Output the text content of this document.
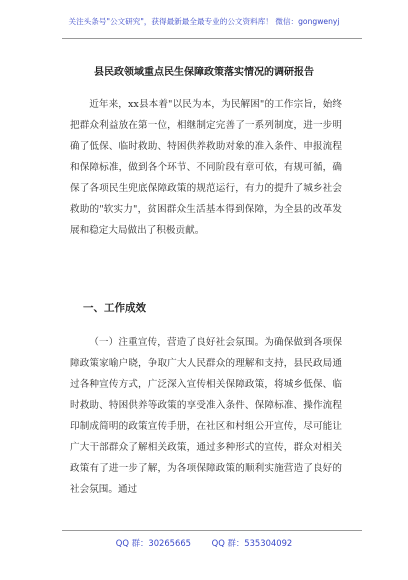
关注头条号"公文研究"，获得最新最全最专业的公文资料库！ 微信：gongwenyj
县民政领域重点民生保障政策落实情况的调研报告
近年来，xx县本着"以民为本，为民解困"的工作宗旨，始终把群众利益放在第一位，相继制定完善了一系列制度，进一步明确了低保、临时救助、特困供养救助对象的准入条件、申报流程和保障标准，做到各个环节、不同阶段有章可依，有规可循，确保了各项民生兜底保障政策的规范运行，有力的提升了城乡社会救助的"软实力"，贫困群众生活基本得到保障，为全县的改革发展和稳定大局做出了积极贡献。
一、工作成效
（一）注重宣传，营造了良好社会氛围。为确保做到各项保障政策家喻户晓，争取广大人民群众的理解和支持，县民政局通过各种宣传方式，广泛深入宣传相关保障政策，将城乡低保、临时救助、特困供养等政策的享受准入条件、保障标准、操作流程印制成简明的政策宣传手册，在社区和村组公开宣传，尽可能让广大干部群众了解相关政策，通过多种形式的宣传，群众对相关政策有了进一步了解，为各项保障政策的顺利实施营造了良好的社会氛围。通过
QQ 群：30265665 QQ 群：535304092
